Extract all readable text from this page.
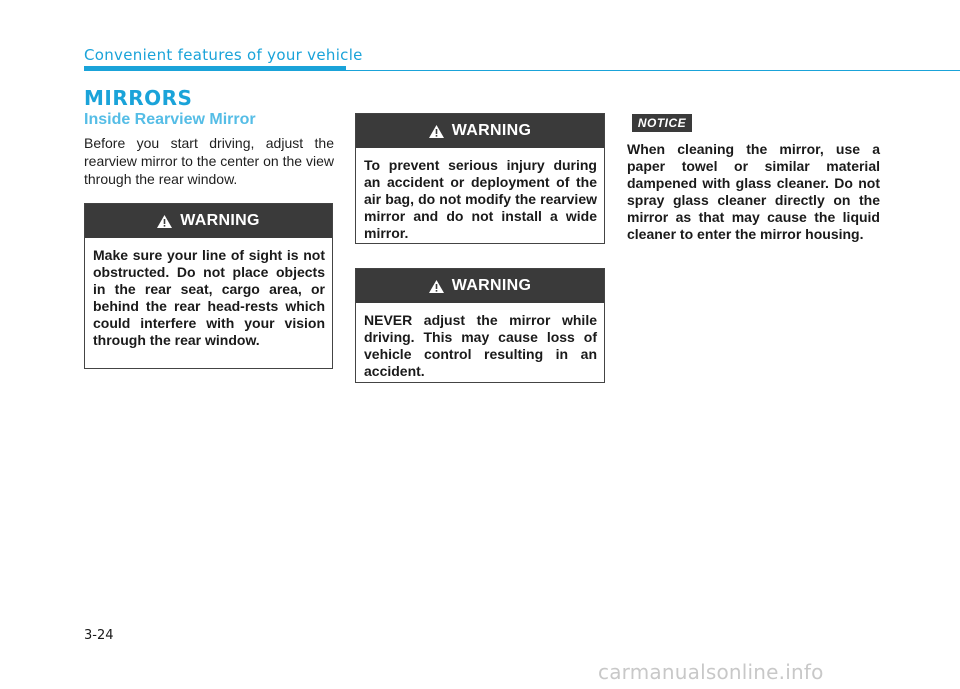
Convenient features of your vehicle
MIRRORS
Inside Rearview Mirror
Before you start driving, adjust the rearview mirror to the center on the view through the rear window.
WARNING
Make sure your line of sight is not obstructed. Do not place objects in the rear seat, cargo area, or behind the rear head-rests which could interfere with your vision through the rear window.
WARNING
To prevent serious injury during an accident or deployment of the air bag, do not modify the rearview mirror and do not install a wide mirror.
WARNING
NEVER adjust the mirror while driving. This may cause loss of vehicle control resulting in an accident.
NOTICE
When cleaning the mirror, use a paper towel or similar material dampened with glass cleaner. Do not spray glass cleaner directly on the mirror as that may cause the liquid cleaner to enter the mirror housing.
3-24
carmanualsonline.info
